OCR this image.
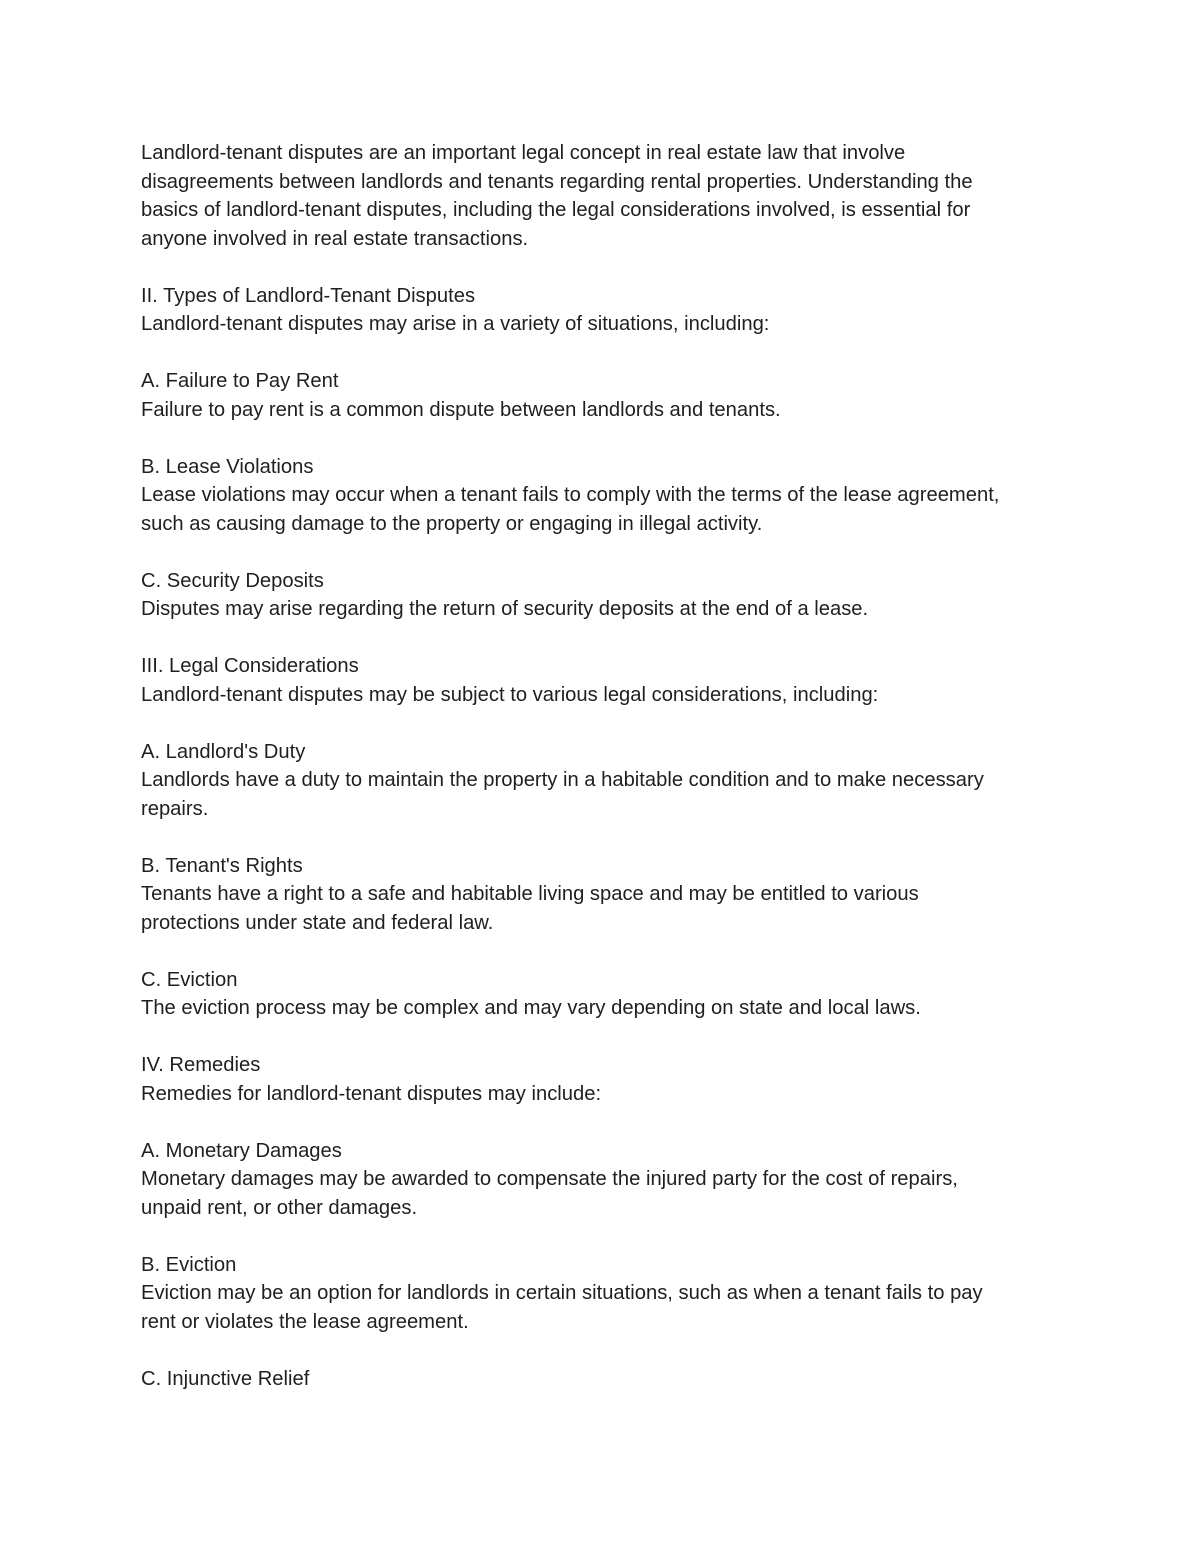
Landlord-tenant disputes are an important legal concept in real estate law that involve
disagreements between landlords and tenants regarding rental properties. Understanding the
basics of landlord-tenant disputes, including the legal considerations involved, is essential for
anyone involved in real estate transactions.
II. Types of Landlord-Tenant Disputes
Landlord-tenant disputes may arise in a variety of situations, including:
A. Failure to Pay Rent
Failure to pay rent is a common dispute between landlords and tenants.
B. Lease Violations
Lease violations may occur when a tenant fails to comply with the terms of the lease agreement,
such as causing damage to the property or engaging in illegal activity.
C. Security Deposits
Disputes may arise regarding the return of security deposits at the end of a lease.
III. Legal Considerations
Landlord-tenant disputes may be subject to various legal considerations, including:
A. Landlord's Duty
Landlords have a duty to maintain the property in a habitable condition and to make necessary
repairs.
B. Tenant's Rights
Tenants have a right to a safe and habitable living space and may be entitled to various
protections under state and federal law.
C. Eviction
The eviction process may be complex and may vary depending on state and local laws.
IV. Remedies
Remedies for landlord-tenant disputes may include:
A. Monetary Damages
Monetary damages may be awarded to compensate the injured party for the cost of repairs,
unpaid rent, or other damages.
B. Eviction
Eviction may be an option for landlords in certain situations, such as when a tenant fails to pay
rent or violates the lease agreement.
C. Injunctive Relief
